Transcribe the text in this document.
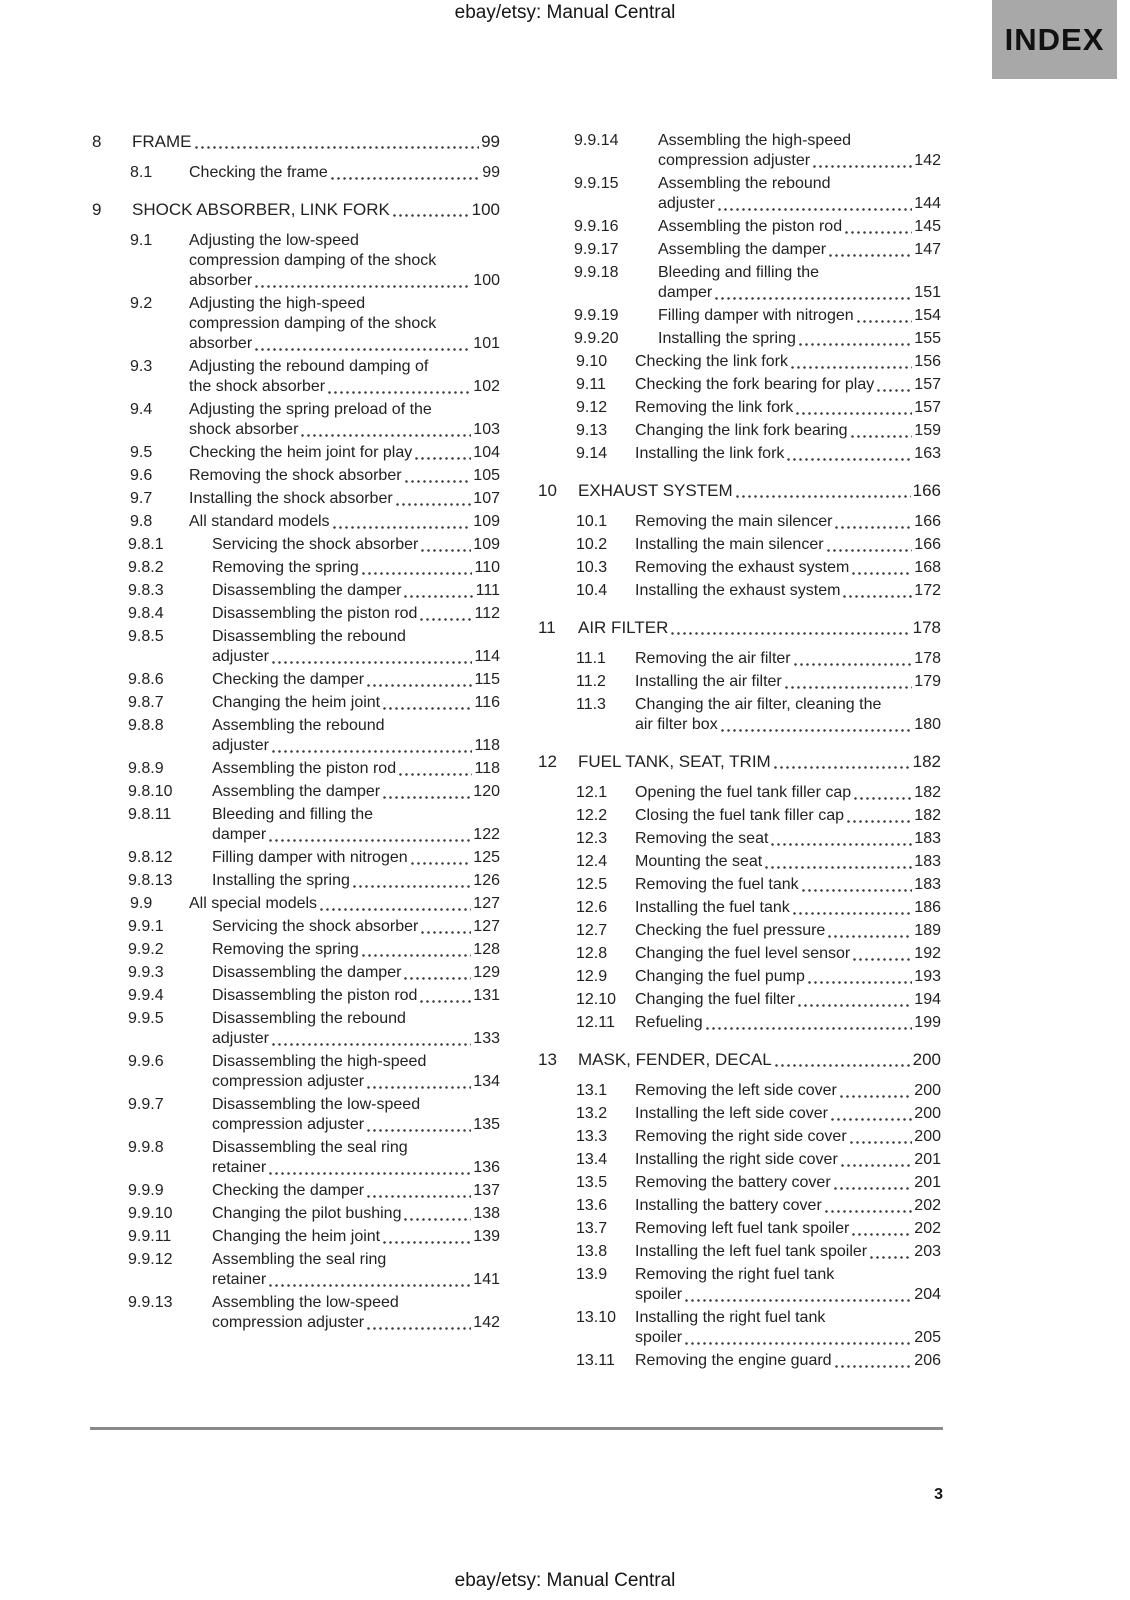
ebay/etsy: Manual Central
INDEX
8	FRAME	99
8.1	Checking the frame	99
9	SHOCK ABSORBER, LINK FORK	100
9.1	Adjusting the low-speed
compression damping of the shock
absorber	100
9.2	Adjusting the high-speed
compression damping of the shock
absorber	101
9.3	Adjusting the rebound damping of
the shock absorber	102
9.4	Adjusting the spring preload of the
shock absorber	103
9.5	Checking the heim joint for play	104
9.6	Removing the shock absorber	105
9.7	Installing the shock absorber	107
9.8	All standard models	109
9.8.1	Servicing the shock absorber	109
9.8.2	Removing the spring	110
9.8.3	Disassembling the damper	111
9.8.4	Disassembling the piston rod	112
9.8.5	Disassembling the rebound
adjuster	114
9.8.6	Checking the damper	115
9.8.7	Changing the heim joint	116
9.8.8	Assembling the rebound
adjuster	118
9.8.9	Assembling the piston rod	118
9.8.10	Assembling the damper	120
9.8.11	Bleeding and filling the
damper	122
9.8.12	Filling damper with nitrogen	125
9.8.13	Installing the spring	126
9.9	All special models	127
9.9.1	Servicing the shock absorber	127
9.9.2	Removing the spring	128
9.9.3	Disassembling the damper	129
9.9.4	Disassembling the piston rod	131
9.9.5	Disassembling the rebound
adjuster	133
9.9.6	Disassembling the high-speed
compression adjuster	134
9.9.7	Disassembling the low-speed
compression adjuster	135
9.9.8	Disassembling the seal ring
retainer	136
9.9.9	Checking the damper	137
9.9.10	Changing the pilot bushing	138
9.9.11	Changing the heim joint	139
9.9.12	Assembling the seal ring
retainer	141
9.9.13	Assembling the low-speed
compression adjuster	142
9.9.14	Assembling the high-speed
compression adjuster	142
9.9.15	Assembling the rebound
adjuster	144
9.9.16	Assembling the piston rod	145
9.9.17	Assembling the damper	147
9.9.18	Bleeding and filling the
damper	151
9.9.19	Filling damper with nitrogen	154
9.9.20	Installing the spring	155
9.10	Checking the link fork	156
9.11	Checking the fork bearing for play	157
9.12	Removing the link fork	157
9.13	Changing the link fork bearing	159
9.14	Installing the link fork	163
10	EXHAUST SYSTEM	166
10.1	Removing the main silencer	166
10.2	Installing the main silencer	166
10.3	Removing the exhaust system	168
10.4	Installing the exhaust system	172
11	AIR FILTER	178
11.1	Removing the air filter	178
11.2	Installing the air filter	179
11.3	Changing the air filter, cleaning the
air filter box	180
12	FUEL TANK, SEAT, TRIM	182
12.1	Opening the fuel tank filler cap	182
12.2	Closing the fuel tank filler cap	182
12.3	Removing the seat	183
12.4	Mounting the seat	183
12.5	Removing the fuel tank	183
12.6	Installing the fuel tank	186
12.7	Checking the fuel pressure	189
12.8	Changing the fuel level sensor	192
12.9	Changing the fuel pump	193
12.10	Changing the fuel filter	194
12.11	Refueling	199
13	MASK, FENDER, DECAL	200
13.1	Removing the left side cover	200
13.2	Installing the left side cover	200
13.3	Removing the right side cover	200
13.4	Installing the right side cover	201
13.5	Removing the battery cover	201
13.6	Installing the battery cover	202
13.7	Removing left fuel tank spoiler	202
13.8	Installing the left fuel tank spoiler	203
13.9	Removing the right fuel tank
spoiler	204
13.10	Installing the right fuel tank
spoiler	205
13.11	Removing the engine guard	206
3
ebay/etsy: Manual Central
